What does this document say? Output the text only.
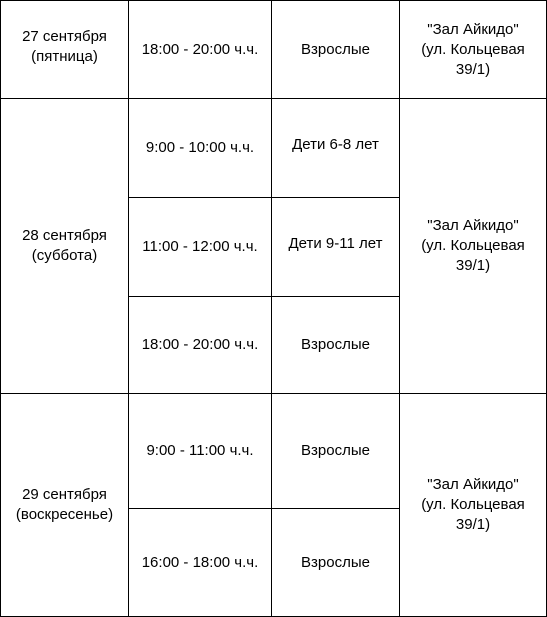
27 сентября
(пятница)	18:00 - 20:00 ч.ч.	Взрослые	"Зал Айкидо"
(ул. Кольцевая
39/1)

28 сентября
(суббота)	9:00 - 10:00 ч.ч.	Дети 6-8 лет	"Зал Айкидо"
(ул. Кольцевая
39/1)

	11:00 - 12:00 ч.ч.	Дети 9-11 лет	
	18:00 - 20:00 ч.ч.	Взрослые	

29 сентября
(воскресенье)	9:00 - 11:00 ч.ч.	Взрослые	"Зал Айкидо"
(ул. Кольцевая
39/1)

	16:00 - 18:00 ч.ч.	Взрослые	
